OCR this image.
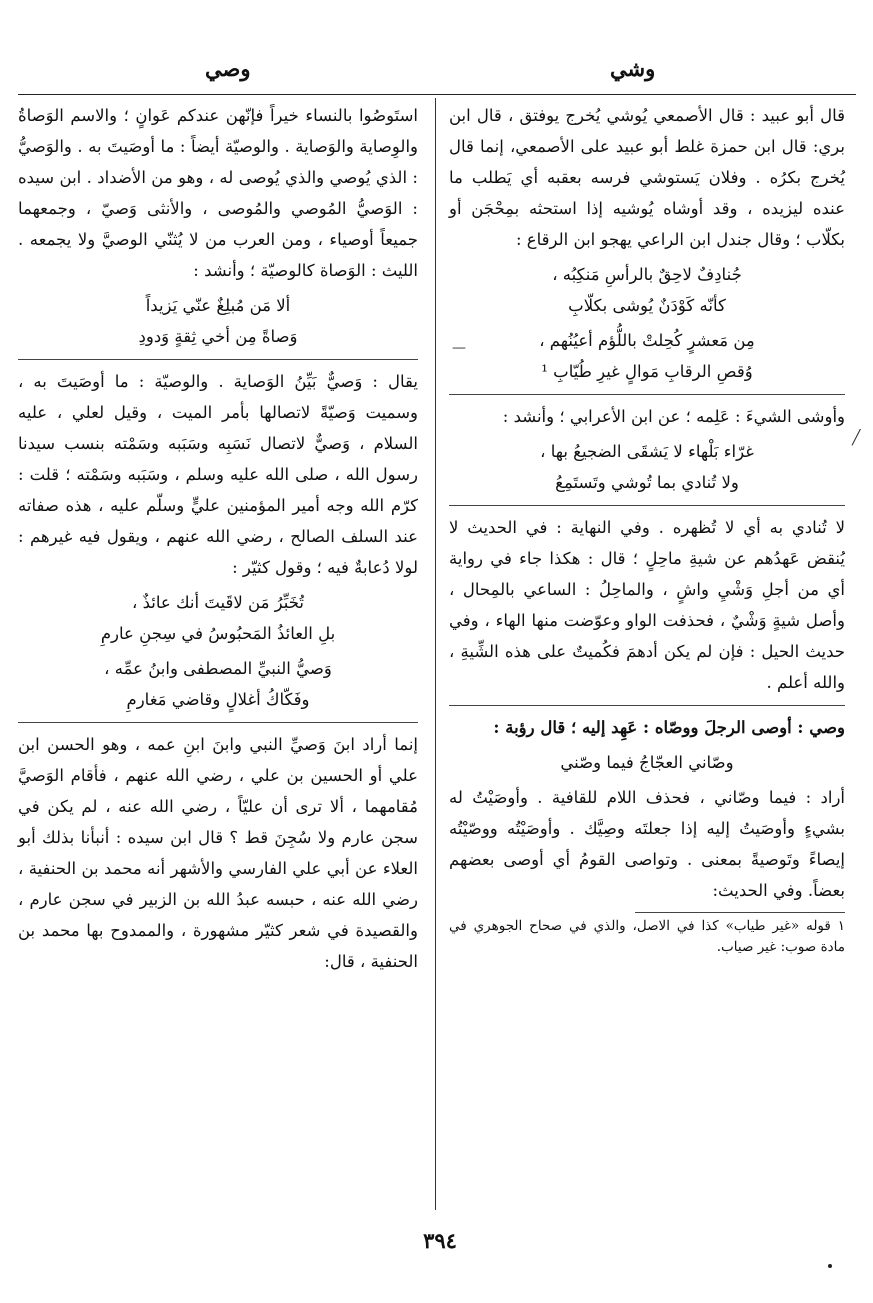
وشي
وصي
—
╱

قال أبو عبيد : قال الأصمعي يُوشي يُخرج يوفتق ، قال ابن بري: قال ابن حمزة غلط أبو عبيد على الأصمعي، إنما قال يُخرج بكرُه . وفلان يَستوشي فرسه بعقبه أي يَطلب ما عنده ليزيده ، وقد أوشاه يُوشيه إذا استحثه بمِحْجَن أو بكلّاب ؛ وقال جندل ابن الراعي يهجو ابن الرقاع :

جُنادِفٌ لاحِقٌ بالرأسِ مَنكِبُه ،
كأنّه كَوْدَنٌ يُوشى بكلّابِ
مِن مَعشرٍ كُحِلتْ باللُّؤم أعيُنُهم ،
وُقصِ الرقابِ مَوالٍ غيرِ طُيّابِ ¹

وأوشى الشيءَ : عَلِمه ؛ عن ابن الأعرابي ؛ وأنشد :

غرّاء بَلْهاء لا يَشقَى الضجيعُ بها ،
ولا تُنادي بما تُوشي وتَستَمِعُ

لا تُنادي به أي لا تُظهره . وفي النهاية : في الحديث لا يُنقض عَهدُهم عن شيةِ ماحِلٍ ؛ قال : هكذا جاء في رواية أي من أجلِ وَشْيِ واشٍ ، والماحِلُ : الساعي بالمِحال ، وأصل شيةٍ وَشْيٌ ، فحذفت الواو وعوّضت منها الهاء ، وفي حديث الحيل : فإن لم يكن أدهمَ فكُميتٌ على هذه الشِّيةِ ، والله أعلم .

وصي : أوصى الرجلَ ووصّاه : عَهِد إليه ؛ قال رؤبة :

وصّاني العجّاجُ فيما وصّني

أراد : فيما وصّاني ، فحذف اللام للقافية . وأوصَيْتُ له بشيءٍ وأوصَيتُ إليه إذا جعلتَه وصِيَّك . وأوصَيْتُه ووصّيْتُه إيصاءً وتَوصيةً بمعنى . وتواصى القومُ أي أوصى بعضهم بعضاً. وفي الحديث:

١ قوله «غير طياب» كذا في الاصل، والذي في صحاح الجوهري في مادة صوب: غير صياب.

استَوصُوا بالنساء خيراً فإنّهن عندكم عَوانٍ ؛ والاسم الوَصاةُ والوِصاية والوَصاية . والوصيّة أيضاً : ما أوصَيتَ به . والوَصيُّ : الذي يُوصي والذي يُوصى له ، وهو من الأضداد . ابن سيده : الوَصيُّ المُوصي والمُوصى ، والأنثى وَصيّ ، وجمعهما جميعاً أوصياء ، ومن العرب من لا يُثنّي الوصيَّ ولا يجمعه . الليث : الوَصاة كالوصيّة ؛ وأنشد :

ألا مَن مُبلِغٌ عنّي يَزيداً
وَصاةً مِن أخي ثِقةٍ وَدودِ

يقال : وَصيٌّ بَيِّنُ الوَصاية . والوصيّة : ما أوصَيتَ به ، وسميت وَصيّةً لاتصالها بأمر الميت ، وقيل لعلي ، عليه السلام ، وَصيٌّ لاتصال نَسَبِه وسَبَبه وسَمْته بنسب سيدنا رسول الله ، صلى الله عليه وسلم ، وسَبَبه وسَمْته ؛ قلت : كرّم الله وجه أمير المؤمنين عليٍّ وسلّم عليه ، هذه صفاته عند السلف الصالح ، رضي الله عنهم ، ويقول فيه غيرهم : لولا دُعابةٌ فيه ؛ وقول كثيّر :

تُخَبِّرُ مَن لاقَيتَ أنك عائذٌ ،
بلِ العائذُ المَحبُوسُ في سِجنِ عارمِ
وَصيُّ النبيِّ المصطفى وابنُ عمِّه ،
وفَكّاكُ أغلالٍ وقاضي مَغارمِ

إنما أراد ابنَ وَصيِّ النبي وابنَ ابنِ عمه ، وهو الحسن ابن علي أو الحسين بن علي ، رضي الله عنهم ، فأقام الوَصيَّ مُقامهما ، ألا ترى أن عليّاً ، رضي الله عنه ، لم يكن في سجن عارم ولا سُجِنَ قط ؟ قال ابن سيده : أنبأنا بذلك أبو العلاء عن أبي علي الفارسي والأشهر أنه محمد بن الحنفية ، رضي الله عنه ، حبسه عبدُ الله بن الزبير في سجن عارم ، والقصيدة في شعر كثيّر مشهورة ، والممدوح بها محمد بن الحنفية ، قال:

٣٩٤
